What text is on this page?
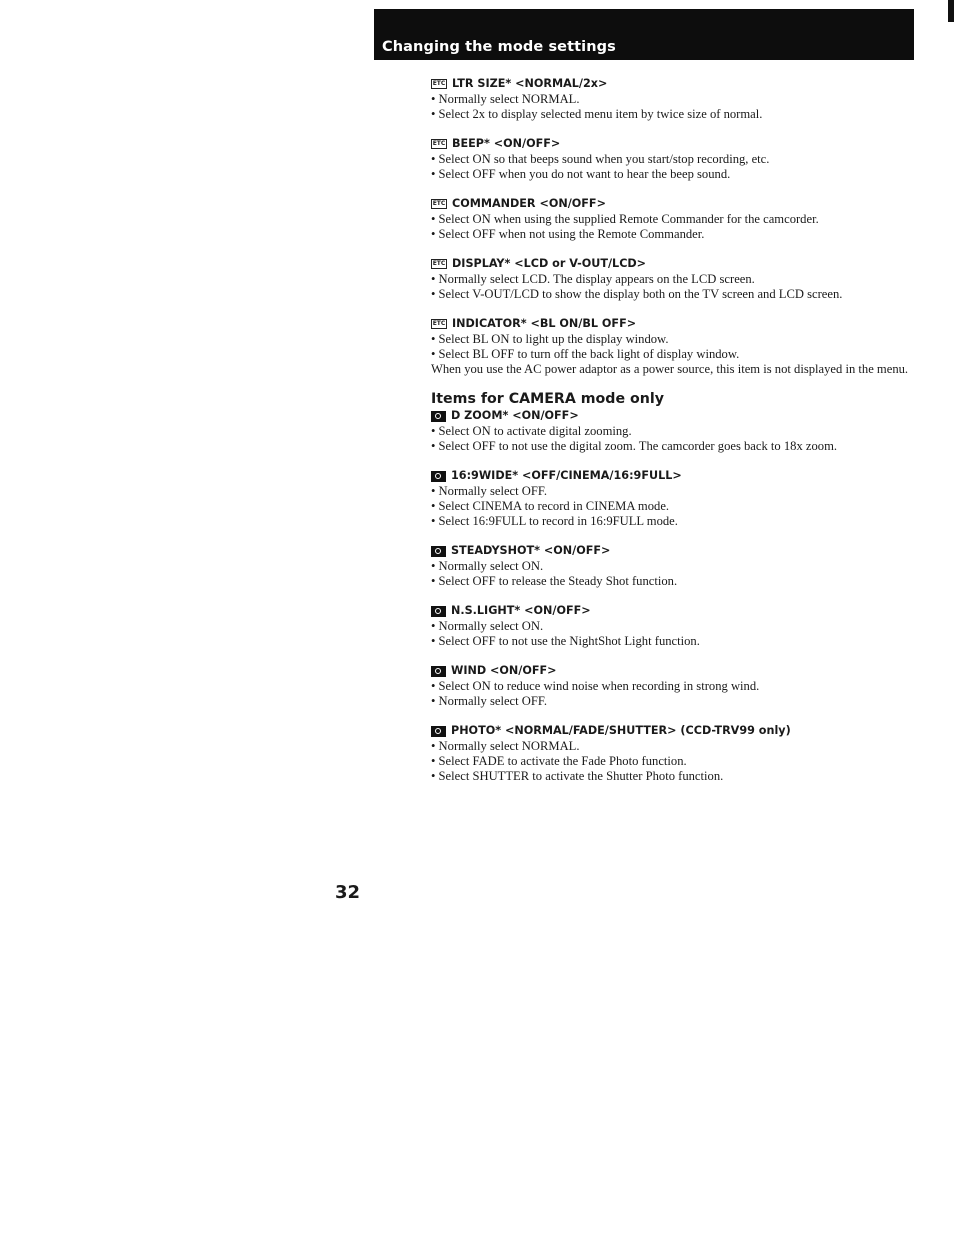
Changing the mode settings
ETC LTR SIZE* <NORMAL/2x>
• Normally select NORMAL.
• Select 2x to display selected menu item by twice size of normal.
ETC BEEP* <ON/OFF>
• Select ON so that beeps sound when you start/stop recording, etc.
• Select OFF when you do not want to hear the beep sound.
ETC COMMANDER <ON/OFF>
• Select ON when using the supplied Remote Commander for the camcorder.
• Select OFF when not using the Remote Commander.
ETC DISPLAY* <LCD or V-OUT/LCD>
• Normally select LCD. The display appears on the LCD screen.
• Select V-OUT/LCD to show the display both on the TV screen and LCD screen.
ETC INDICATOR* <BL ON/BL OFF>
• Select BL ON to light up the display window.
• Select BL OFF to turn off the back light of display window.
When you use the AC power adaptor as a power source, this item is not displayed in the menu.
Items for CAMERA mode only
D ZOOM* <ON/OFF>
• Select ON to activate digital zooming.
• Select OFF to not use the digital zoom. The camcorder goes back to 18x zoom.
16:9WIDE* <OFF/CINEMA/16:9FULL>
• Normally select OFF.
• Select CINEMA to record in CINEMA mode.
• Select 16:9FULL to record in 16:9FULL mode.
STEADYSHOT* <ON/OFF>
• Normally select ON.
• Select OFF to release the Steady Shot function.
N.S.LIGHT* <ON/OFF>
• Normally select ON.
• Select OFF to not use the NightShot Light function.
WIND <ON/OFF>
• Select ON to reduce wind noise when recording in strong wind.
• Normally select OFF.
PHOTO* <NORMAL/FADE/SHUTTER> (CCD-TRV99 only)
• Normally select NORMAL.
• Select FADE to activate the Fade Photo function.
• Select SHUTTER to activate the Shutter Photo function.
32
